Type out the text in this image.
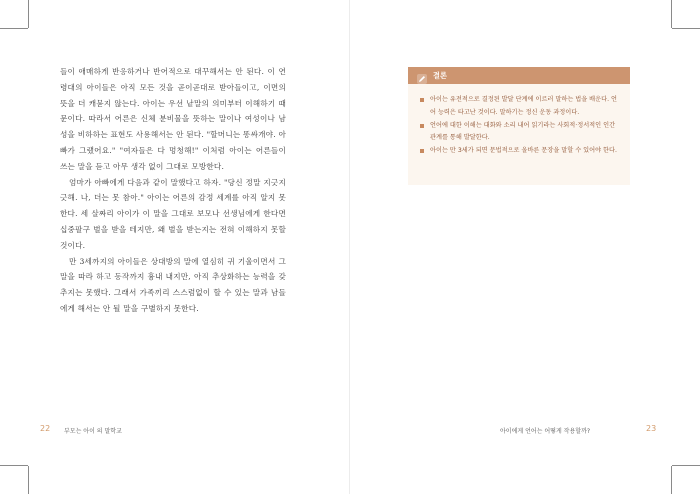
들이 애매하게 반응하거나 반어적으로 대꾸해서는 안 된다. 이 연령대의 아이들은 아직 모든 것을 곧이곧대로 받아들이고, 이면의 뜻을 더 캐묻지 않는다. 아이는 우선 낱말의 의미부터 이해하기 때문이다. 따라서 어른은 신체 분비물을 뜻하는 말이나 여성이나 남성을 비하하는 표현도 사용해서는 안 된다. "할머니는 똥싸개야. 아빠가 그랬어요." "여자들은 다 멍청해!" 이처럼 아이는 어른들이 쓰는 말을 듣고 아무 생각 없이 그대로 모방한다.

엄마가 아빠에게 다음과 같이 말했다고 하자. "당신 정말 지긋지긋해. 나, 더는 못 참아." 아이는 어른의 감정 세계를 아직 알지 못한다. 세 살짜리 아이가 이 말을 그대로 보모나 선생님에게 한다면 십중팔구 벌을 받을 테지만, 왜 벌을 받는지는 전혀 이해하지 못할 것이다.

만 3세까지의 아이들은 상대방의 말에 열심히 귀 기울이면서 그 말을 따라 하고 동작까지 흉내 내지만, 아직 추상화하는 능력을 갖추지는 못했다. 그래서 가족끼리 스스럼없이 할 수 있는 말과 남들에게 해서는 안 될 말을 구별하지 못한다.

22 부모는 아이 의 말학교
결론
아이는 유전적으로 결정된 발달 단계에 이르러 말하는 법을 배운다. 언어 능력은 타고난 것이다. 말하기는 정신 운동 과정이다.
언어에 대한 이해는 대화와 소리 내어 읽기라는 사회적·정서적인 인간관계를 통해 발달한다.
아이는 만 3세가 되면 문법적으로 올바른 문장을 말할 수 있어야 한다.
아이에게 언어는 어떻게 작용할까?	23
